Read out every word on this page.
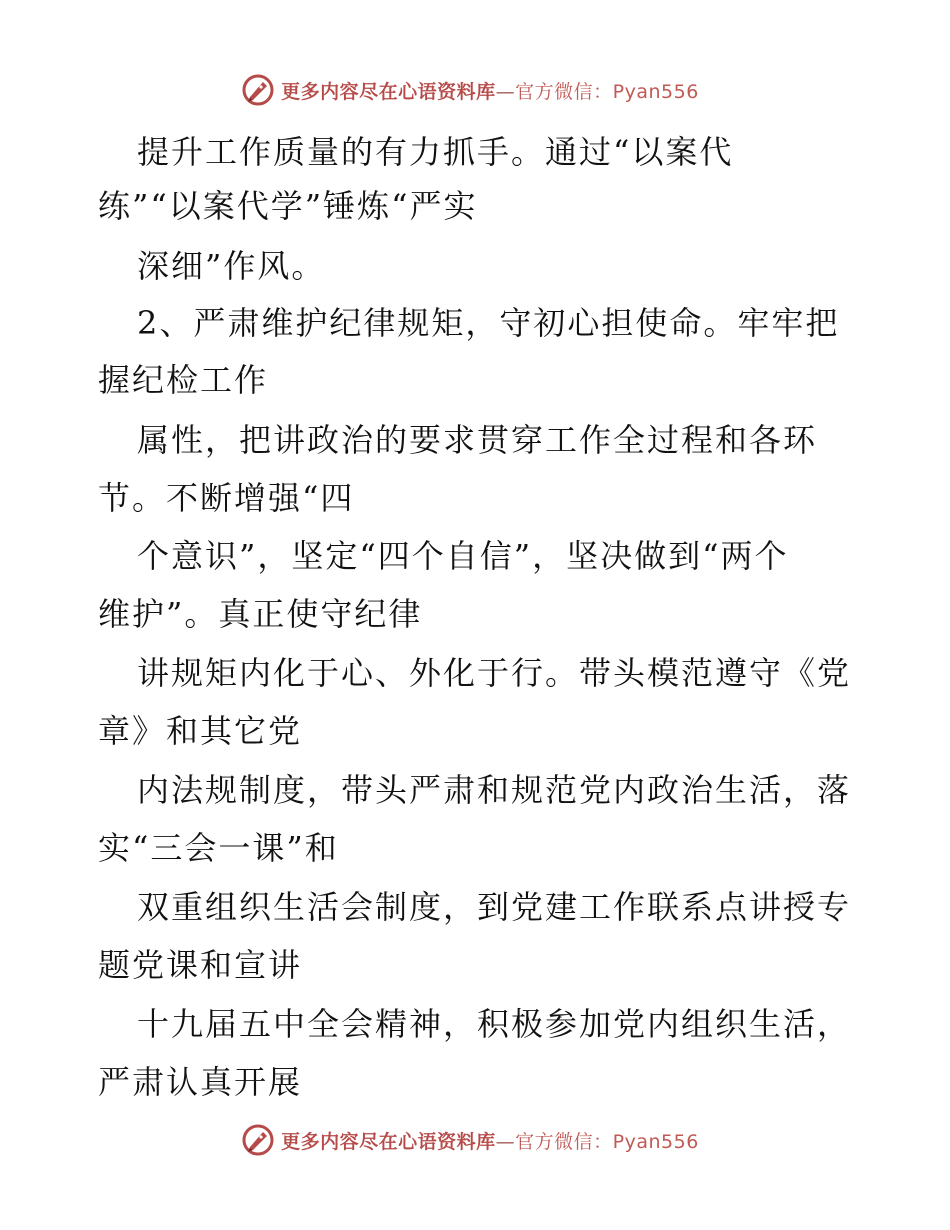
更多内容尽在心语资料库—官方微信：Pyan556
提升工作质量的有力抓手。通过“以案代
练”“以案代学”锤炼“严实
深细”作风。
2、严肃维护纪律规矩，守初心担使命。牢牢把
握纪检工作
属性，把讲政治的要求贯穿工作全过程和各环
节。不断增强“四
个意识”，坚定“四个自信”，坚决做到“两个
维护”。真正使守纪律
讲规矩内化于心、外化于行。带头模范遵守《党
章》和其它党
内法规制度，带头严肃和规范党内政治生活，落
实“三会一课”和
双重组织生活会制度，到党建工作联系点讲授专
题党课和宣讲
十九届五中全会精神，积极参加党内组织生活，
严肃认真开展
更多内容尽在心语资料库—官方微信：Pyan556
